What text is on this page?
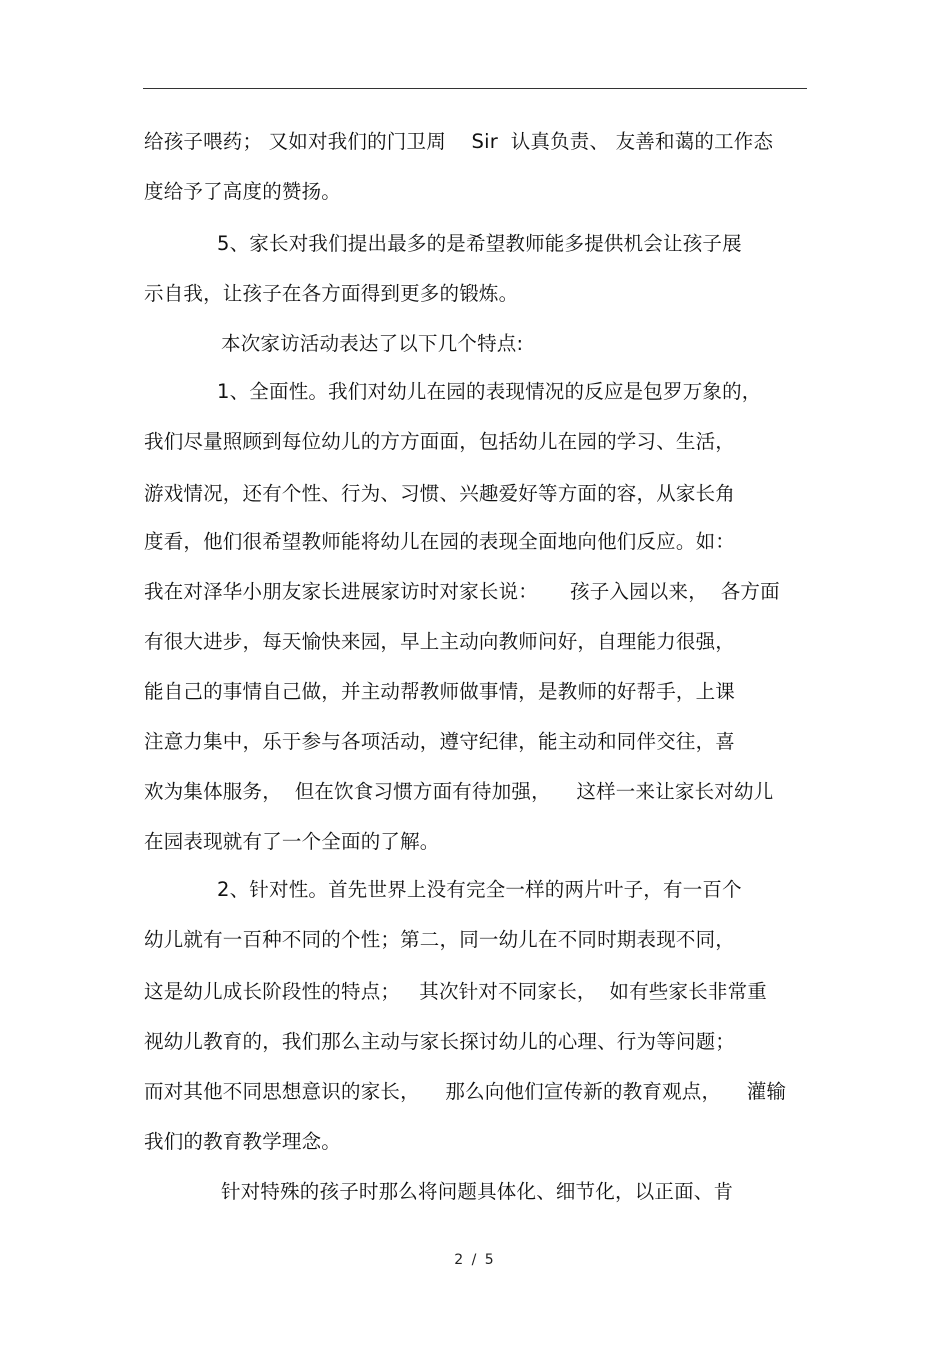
给孩子喂药； 又如对我们的门卫周    Sir  认真负责、 友善和蔼的工作态
度给予了高度的赞扬。
5、家长对我们提出最多的是希望教师能多提供机会让孩子展
示自我，让孩子在各方面得到更多的锻炼。
本次家访活动表达了以下几个特点:
1、全面性。我们对幼儿在园的表现情况的反应是包罗万象的，
我们尽量照顾到每位幼儿的方方面面，包括幼儿在园的学习、生活，
游戏情况，还有个性、行为、习惯、兴趣爱好等方面的容，从家长角
度看，他们很希望教师能将幼儿在园的表现全面地向他们反应。如：
我在对泽华小朋友家长进展家访时对家长说：     孩子入园以来，  各方面
有很大进步，每天愉快来园，早上主动向教师问好，自理能力很强，
能自己的事情自己做，并主动帮教师做事情，是教师的好帮手，上课
注意力集中，乐于参与各项活动，遵守纪律，能主动和同伴交往，喜
欢为集体服务，  但在饮食习惯方面有待加强，    这样一来让家长对幼儿
在园表现就有了一个全面的了解。
2、针对性。首先世界上没有完全一样的两片叶子，有一百个
幼儿就有一百种不同的个性；第二，同一幼儿在不同时期表现不同，
这是幼儿成长阶段性的特点；   其次针对不同家长，  如有些家长非常重
视幼儿教育的，我们那么主动与家长探讨幼儿的心理、行为等问题；
而对其他不同思想意识的家长，    那么向他们宣传新的教育观点，    灌输
我们的教育教学理念。
针对特殊的孩子时那么将问题具体化、细节化，以正面、肯
2 / 5
